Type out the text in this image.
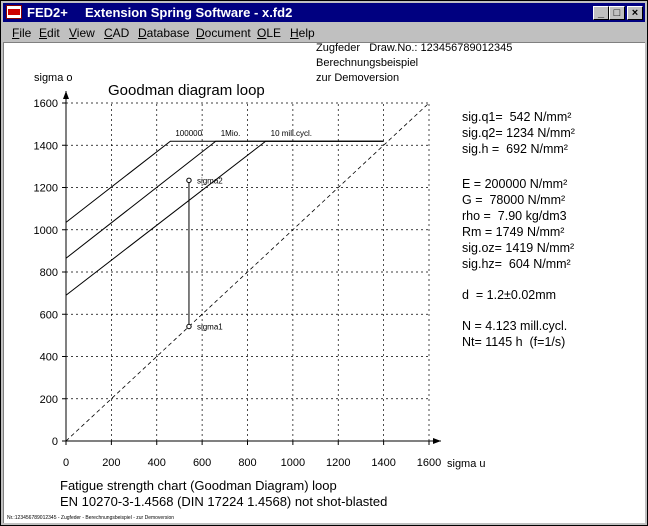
FED2+ Extension Spring Software - x.fd2	_ □	×
File Edit View CAD Database Document OLE Help
0	200 400 600 800 1000 1200 1400 1600
0
200
400
600
800
1000
1200
1400
1600
100000 1Mio.	10 mill.cycl.
sigma1
sigma2
Goodman diagram loop
sigma o
sigma u
Zugfeder   Draw.No.: 123456789012345
Berechnungsbeispiel
zur Demoversion
sig.q1=  542 N/mm²
sig.q2= 1234 N/mm²
sig.h =  692 N/mm²
E = 200000 N/mm²
G =  78000 N/mm²
rho =  7.90 kg/dm3
Rm = 1749 N/mm²
sig.oz= 1419 N/mm²
sig.hz=  604 N/mm²
d  = 1.2±0.02mm
N = 4.123 mill.cycl.
Nt= 1145 h  (f=1/s)
Fatigue strength chart (Goodman Diagram) loop
EN 10270-3-1.4568 (DIN 17224 1.4568) not shot-blasted
Nr.:123456789012345 - Zugfeder - Berechnungsbeispiel - zur Demoversion
